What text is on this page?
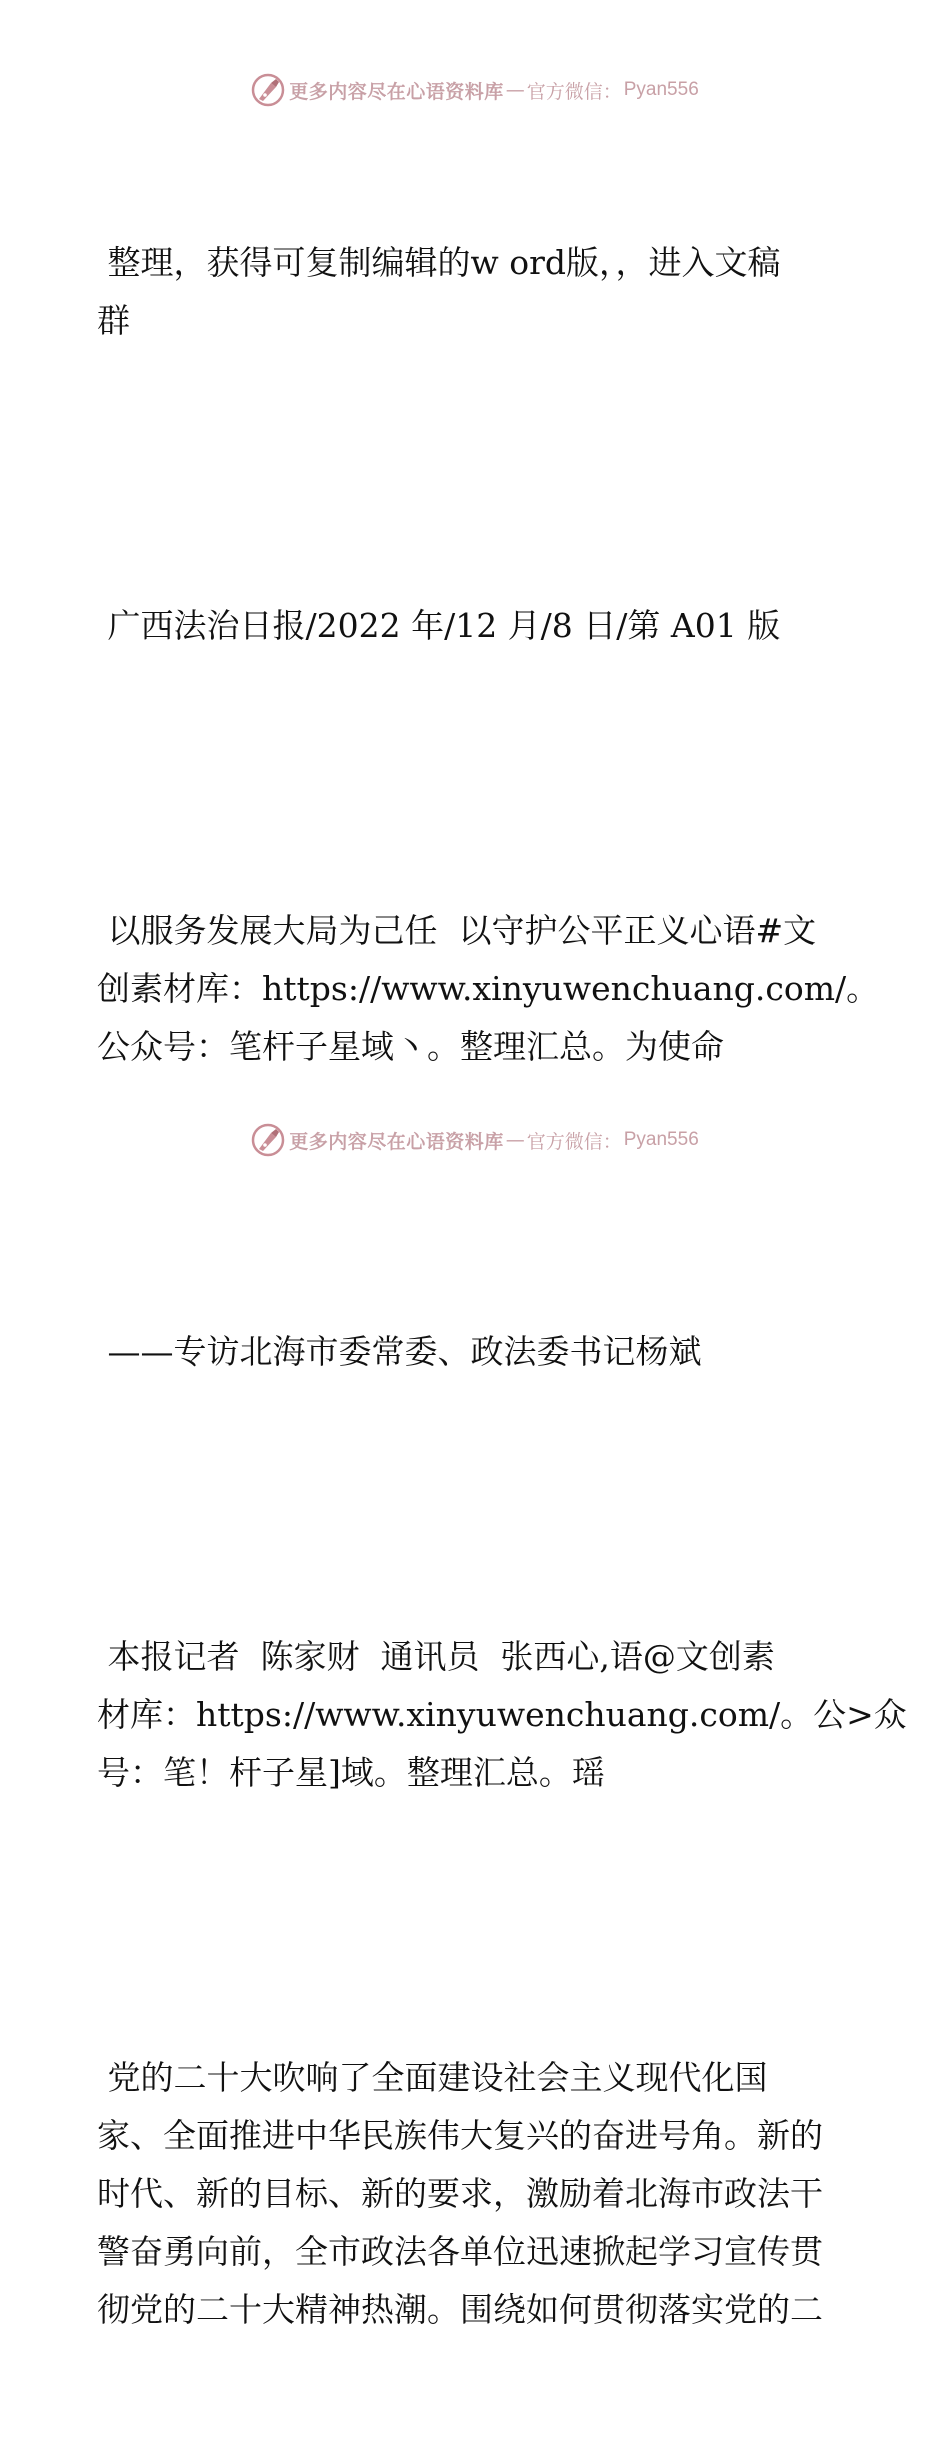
更多内容尽在心语资料库 — 官方微信： Pyan556

整理，获得可复制编辑的w ord版，，进入文稿
群

广西法治日报/2022 年/12 月/8 日/第 A01 版

以服务发展大局为己任  以守护公平正义心语#文
创素材库：https://www.xinyuwenchuang.com/。
公众号：笔杆子星域丶。整理汇总。为使命

——专访北海市委常委、政法委书记杨斌

本报记者  陈家财  通讯员  张西心,语@文创素
材库：https://www.xinyuwenchuang.com/。公>众
号：笔！杆子星]域。整理汇总。瑶

党的二十大吹响了全面建设社会主义现代化国
家、全面推进中华民族伟大复兴的奋进号角。新的
时代、新的目标、新的要求，激励着北海市政法干
警奋勇向前，全市政法各单位迅速掀起学习宣传贯
彻党的二十大精神热潮。围绕如何贯彻落实党的二

更多内容尽在心语资料库 — 官方微信： Pyan556
